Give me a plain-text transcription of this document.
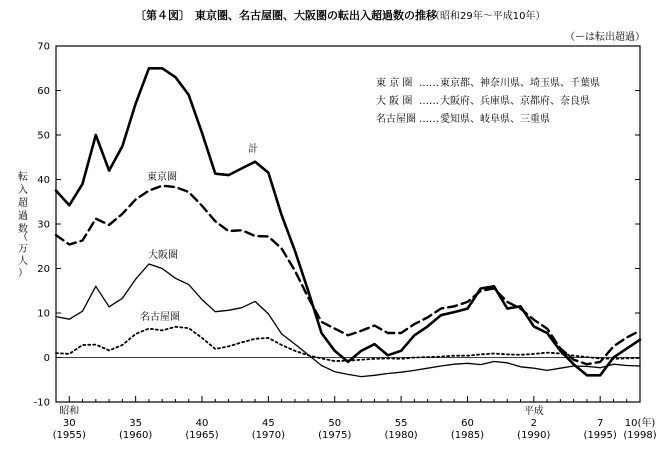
〔第４図〕 東京圏、名古屋圏、大阪圏の転出入超過数の推移
（昭和29年〜平成10年）
（ーは転出超過）
転入超過数
（万人）
-10
0
10
20
30
40
50
60
70
昭和
30
(1955)
35
(1960)
40
(1965)
45
(1970)
50
(1975)
55
(1980)
60
(1985)
平成
2
(1990)
7
(1995)
10(年)
(1998)
計
東京圏
大阪圏
名古屋圏
東 京 圏 …… 東京都、神奈川県、埼玉県、千葉県
大 阪 圏 …… 大阪府、兵庫県、京都府、奈良県
名古屋圏 …… 愛知県、岐阜県、三重県
